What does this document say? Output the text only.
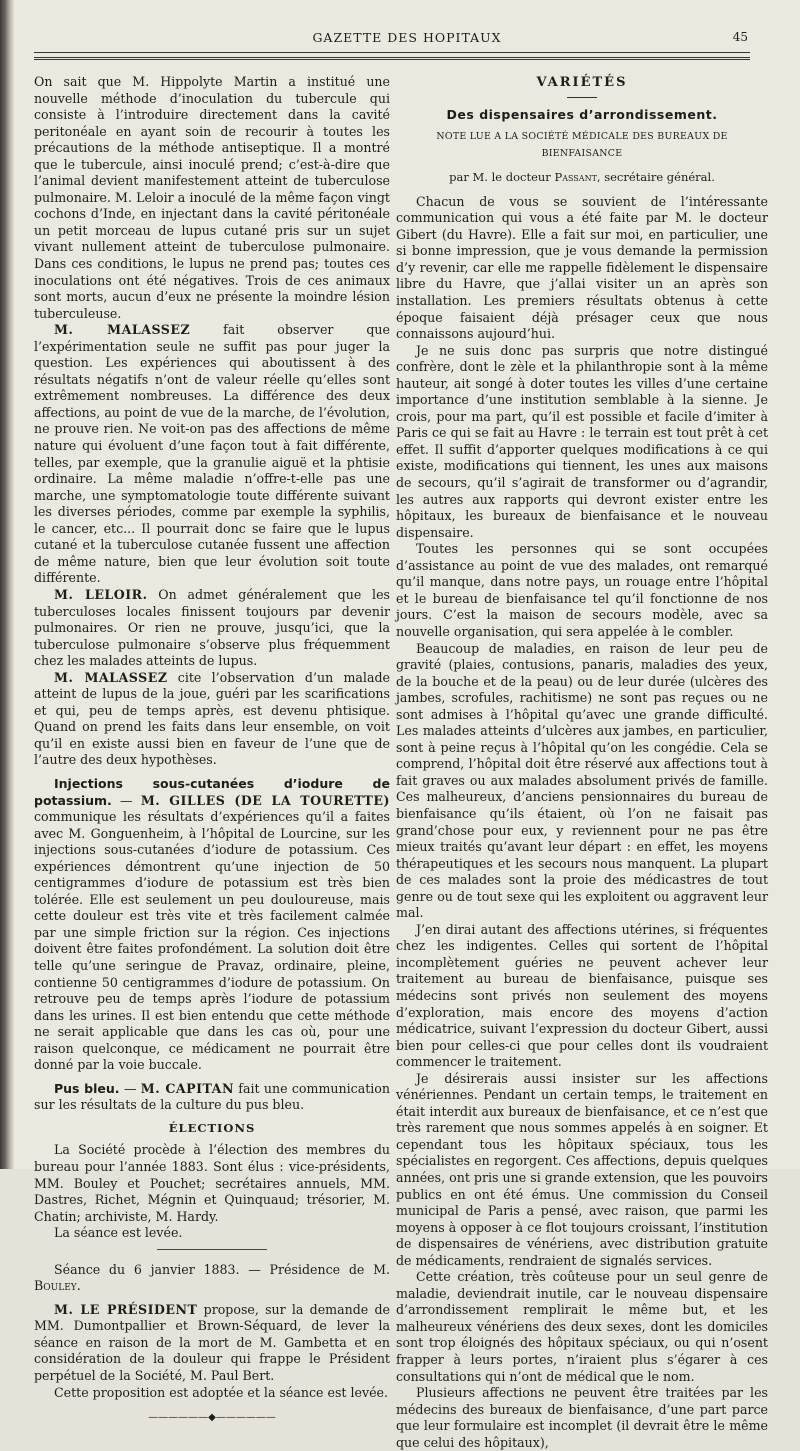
GAZETTE DES HOPITAUX	45

On sait que M. Hippolyte Martin a institué une nouvelle méthode d’inoculation du tubercule qui consiste à l’introduire directement dans la cavité peritonéale en ayant soin de recourir à toutes les précautions de la méthode antiseptique. Il a montré que le tubercule, ainsi inoculé prend; c’est-à-dire que l’animal devient manifestement atteint de tuberculose pulmonaire. M. Leloir a inoculé de la même façon vingt cochons d’Inde, en injectant dans la cavité péritonéale un petit morceau de lupus cutané pris sur un sujet vivant nullement atteint de tuberculose pulmonaire. Dans ces conditions, le lupus ne prend pas; toutes ces inoculations ont été négatives. Trois de ces animaux sont morts, aucun d’eux ne présente la moindre lésion tuberculeuse.

M. MALASSEZ fait observer que l’expérimentation seule ne suffit pas pour juger la question. Les expériences qui aboutissent à des résultats négatifs n’ont de valeur réelle qu’elles sont extrêmement nombreuses. La différence des deux affections, au point de vue de la marche, de l’évolution, ne prouve rien. Ne voit-on pas des affections de même nature qui évoluent d’une façon tout à fait différente, telles, par exemple, que la granulie aiguë et la phtisie ordinaire. La même maladie n’offre-t-elle pas une marche, une symptomatologie toute différente suivant les diverses périodes, comme par exemple la syphilis, le cancer, etc... Il pourrait donc se faire que le lupus cutané et la tuberculose cutanée fussent une affection de même nature, bien que leur évolution soit toute différente.

M. LELOIR. On admet généralement que les tuberculoses locales finissent toujours par devenir pulmonaires. Or rien ne prouve, jusqu’ici, que la tuberculose pulmonaire s’observe plus fréquemment chez les malades atteints de lupus.

M. MALASSEZ cite l’observation d’un malade atteint de lupus de la joue, guéri par les scarifications et qui, peu de temps après, est devenu phtisique. Quand on prend les faits dans leur ensemble, on voit qu’il en existe aussi bien en faveur de l’une que de l’autre des deux hypothèses.

Injections sous-cutanées d’iodure de potassium. — M. GILLES (DE LA TOURETTE) communique les résultats d’expériences qu’il a faites avec M. Gonguenheim, à l’hôpital de Lourcine, sur les injections sous-cutanées d’iodure de potassium. Ces expériences démontrent qu’une injection de 50 centigrammes d’iodure de potassium est très bien tolérée. Elle est seulement un peu douloureuse, mais cette douleur est très vite et très facilement calmée par une simple friction sur la région. Ces injections doivent être faites profondément. La solution doit être telle qu’une seringue de Pravaz, ordinaire, pleine, contienne 50 centigrammes d’iodure de potassium. On retrouve peu de temps après l’iodure de potassium dans les urines. Il est bien entendu que cette méthode ne serait applicable que dans les cas où, pour une raison quelconque, ce médicament ne pourrait être donné par la voie buccale.

Pus bleu. — M. CAPITAN fait une communication sur les résultats de la culture du pus bleu.

ÉLECTIONS

La Société procède à l’élection des membres du bureau pour l’année 1883. Sont élus : vice-présidents, MM. Bouley et Pouchet; secrétaires annuels, MM. Dastres, Richet, Mégnin et Quinquaud; trésorier, M. Chatin; archiviste, M. Hardy.

La séance est levée.

Séance du 6 janvier 1883. — Présidence de M. Bouley.

M. LE PRÉSIDENT propose, sur la demande de MM. Dumontpallier et Brown-Séquard, de lever la séance en raison de la mort de M. Gambetta et en considération de la douleur qui frappe le Président perpétuel de la Société, M. Paul Bert.

Cette proposition est adoptée et la séance est levée.

——————◆——————
VARIÉTÉS
Des dispensaires d’arrondissement.
NOTE LUE A LA SOCIÉTÉ MÉDICALE DES BUREAUX DE BIENFAISANCE
par M. le docteur Passant, secrétaire général.

Chacun de vous se souvient de l’intéressante communication qui vous a été faite par M. le docteur Gibert (du Havre). Elle a fait sur moi, en particulier, une si bonne impression, que je vous demande la permission d’y revenir, car elle me rappelle fidèlement le dispensaire libre du Havre, que j’allai visiter un an après son installation. Les premiers résultats obtenus à cette époque faisaient déjà présager ceux que nous connaissons aujourd’hui.

Je ne suis donc pas surpris que notre distingué confrère, dont le zèle et la philanthropie sont à la même hauteur, ait songé à doter toutes les villes d’une certaine importance d’une institution semblable à la sienne. Je crois, pour ma part, qu’il est possible et facile d’imiter à Paris ce qui se fait au Havre : le terrain est tout prêt à cet effet. Il suffit d’apporter quelques modifications à ce qui existe, modifications qui tiennent, les unes aux maisons de secours, qu’il s’agirait de transformer ou d’agrandir, les autres aux rapports qui devront exister entre les hôpitaux, les bureaux de bienfaisance et le nouveau dispensaire.

Toutes les personnes qui se sont occupées d’assistance au point de vue des malades, ont remarqué qu’il manque, dans notre pays, un rouage entre l’hôpital et le bureau de bienfaisance tel qu’il fonctionne de nos jours. C’est la maison de secours modèle, avec sa nouvelle organisation, qui sera appelée à le combler.

Beaucoup de maladies, en raison de leur peu de gravité (plaies, contusions, panaris, maladies des yeux, de la bouche et de la peau) ou de leur durée (ulcères des jambes, scrofules, rachitisme) ne sont pas reçues ou ne sont admises à l’hôpital qu’avec une grande difficulté. Les malades atteints d’ulcères aux jambes, en particulier, sont à peine reçus à l’hôpital qu’on les congédie. Cela se comprend, l’hôpital doit être réservé aux affections tout à fait graves ou aux malades absolument privés de famille. Ces malheureux, d’anciens pensionnaires du bureau de bienfaisance qu’ils étaient, où l’on ne faisait pas grand’chose pour eux, y reviennent pour ne pas être mieux traités qu’avant leur départ : en effet, les moyens thérapeutiques et les secours nous manquent. La plupart de ces malades sont la proie des médicastres de tout genre ou de tout sexe qui les exploitent ou aggravent leur mal.

J’en dirai autant des affections utérines, si fréquentes chez les indigentes. Celles qui sortent de l’hôpital incomplètement guéries ne peuvent achever leur traitement au bureau de bienfaisance, puisque ses médecins sont privés non seulement des moyens d’exploration, mais encore des moyens d’action médicatrice, suivant l’expression du docteur Gibert, aussi bien pour celles-ci que pour celles dont ils voudraient commencer le traitement.

Je désirerais aussi insister sur les affections vénériennes. Pendant un certain temps, le traitement en était interdit aux bureaux de bienfaisance, et ce n’est que très rarement que nous sommes appelés à en soigner. Et cependant tous les hôpitaux spéciaux, tous les spécialistes en regorgent. Ces affections, depuis quelques années, ont pris une si grande extension, que les pouvoirs publics en ont été émus. Une commission du Conseil municipal de Paris a pensé, avec raison, que parmi les moyens à opposer à ce flot toujours croissant, l’institution de dispensaires de vénériens, avec distribution gratuite de médicaments, rendraient de signalés services.

Cette création, très coûteuse pour un seul genre de maladie, deviendrait inutile, car le nouveau dispensaire d’arrondissement remplirait le même but, et les malheureux vénériens des deux sexes, dont les domiciles sont trop éloignés des hôpitaux spéciaux, ou qui n’osent frapper à leurs portes, n’iraient plus s’égarer à ces consultations qui n’ont de médical que le nom.

Plusieurs affections ne peuvent être traitées par les médecins des bureaux de bienfaisance, d’une part parce que leur formulaire est incomplet (il devrait être le même que celui des hôpitaux),
